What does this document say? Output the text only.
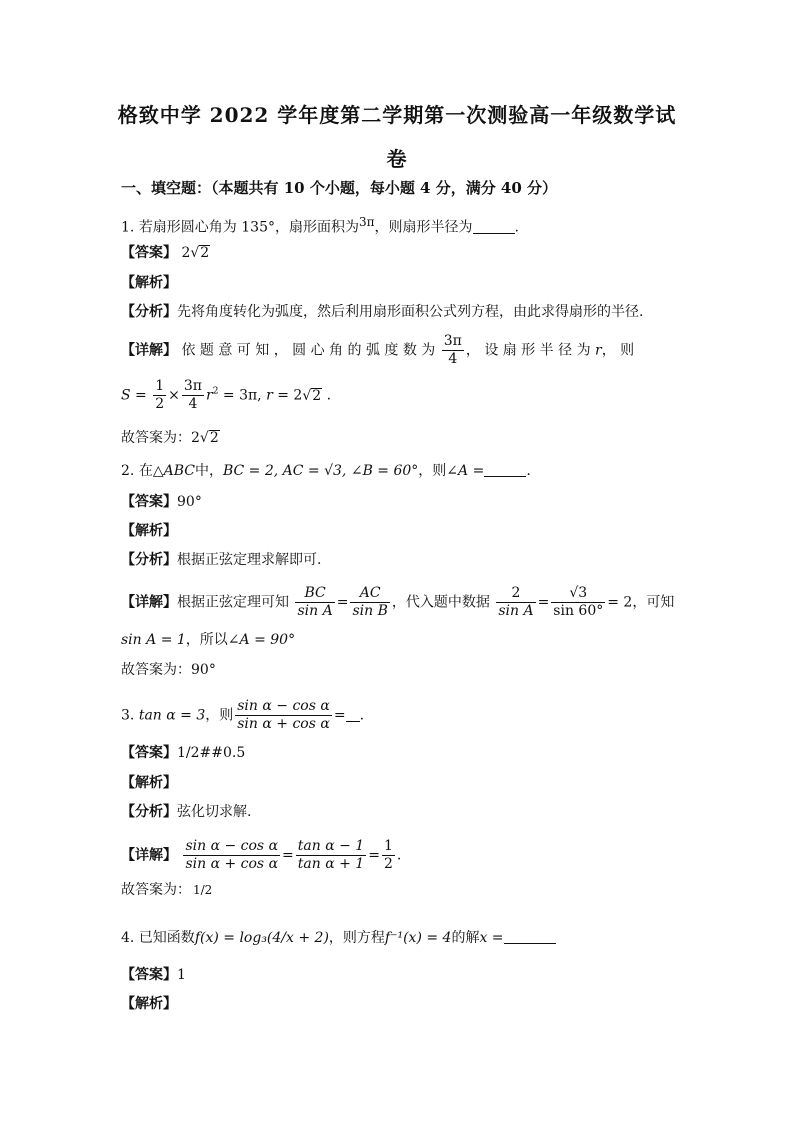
格致中学 2022 学年度第二学期第一次测验高一年级数学试
卷
一、填空题：（本题共有 10 个小题，每小题 4 分，满分 40 分）
1. 若扇形圆心角为 135°，扇形面积为$^{3\pi}$，则扇形半径为	.
【答案】 2√2
【解析】
【分析】先将角度转化为弧度，然后利用扇形面积公式列方程，由此求得扇形的半径.
【详解】 依 题 意 可 知 ， 圆 心 角 的 弧 度 数 为 $\frac{3\pi}{4}$ ， 设 扇 形 半 径 为 r， 则
$S = \frac{1}{2} \times \frac{3\pi}{4} r^2 = 3\pi$, r = 2√2 .
故答案为：2√2
2. 在△ABC中，BC = 2, AC = √3, ∠B = 60°，则∠A =	.
【答案】90°
【解析】
【分析】根据正弦定理求解即可.
【详解】根据正弦定理可知 $\frac{BC}{\text{sin A}} = \frac{AC}{\text{sin B}}$ ，代入题中数据 $\frac{2}{\text{sin A}} = \frac{√3}{\sin 60^\circ} = 2$，可知
sin A = 1，所以∠A = 90°
故答案为：90°
3. tan α = 3，则 $\frac{\text{sin α − cos α}}{\text{sin α + cos α}}$ = .
【答案】1/2##0.5
【解析】
【分析】弦化切求解.
【详解】 $\frac{\text{sin α − cos α}}{\text{sin α + cos α}} = \frac{\text{tan α − 1}}{\text{tan α + 1}} = \frac{1}{2}$ .
故答案为： 1/2
4. 已知函数f(x) = log₃(4/x + 2)，则方程f⁻¹(x) = 4的解x =
【答案】1
【解析】
